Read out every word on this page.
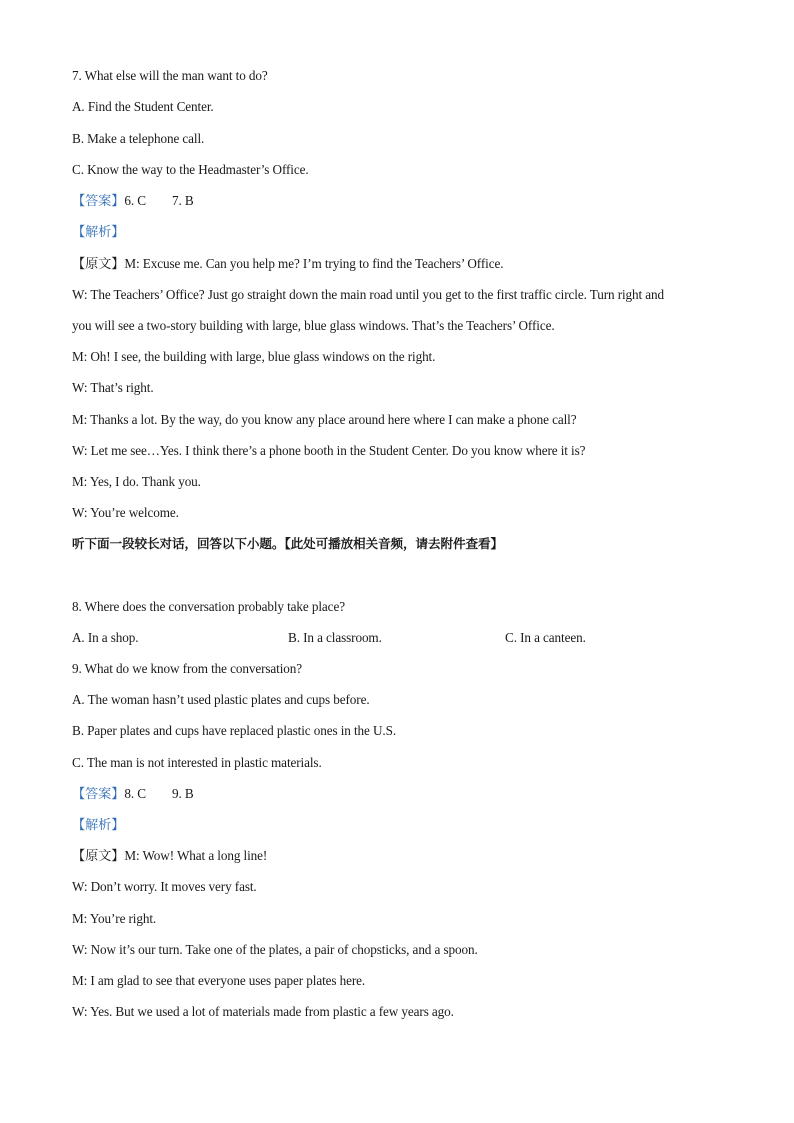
7. What else will the man want to do?
A. Find the Student Center.
B. Make a telephone call.
C. Know the way to the Headmaster’s Office.
【答案】6. C 7. B
【解析】
【原文】M: Excuse me. Can you help me? I’m trying to find the Teachers’ Office.
W: The Teachers’ Office? Just go straight down the main road until you get to the first traffic circle. Turn right and
you will see a two-story building with large, blue glass windows. That’s the Teachers’ Office.
M: Oh! I see, the building with large, blue glass windows on the right.
W: That’s right.
M: Thanks a lot. By the way, do you know any place around here where I can make a phone call?
W: Let me see…Yes. I think there’s a phone booth in the Student Center. Do you know where it is?
M: Yes, I do. Thank you.
W: You’re welcome.
听下面一段较长对话，回答以下小题。【此处可播放相关音频，请去附件查看】
8. Where does the conversation probably take place?
A. In a shop.	B. In a classroom.	C. In a canteen.
9. What do we know from the conversation?
A. The woman hasn’t used plastic plates and cups before.
B. Paper plates and cups have replaced plastic ones in the U.S.
C. The man is not interested in plastic materials.
【答案】8. C 9. B
【解析】
【原文】M: Wow! What a long line!
W: Don’t worry. It moves very fast.
M: You’re right.
W: Now it’s our turn. Take one of the plates, a pair of chopsticks, and a spoon.
M: I am glad to see that everyone uses paper plates here.
W: Yes. But we used a lot of materials made from plastic a few years ago.
